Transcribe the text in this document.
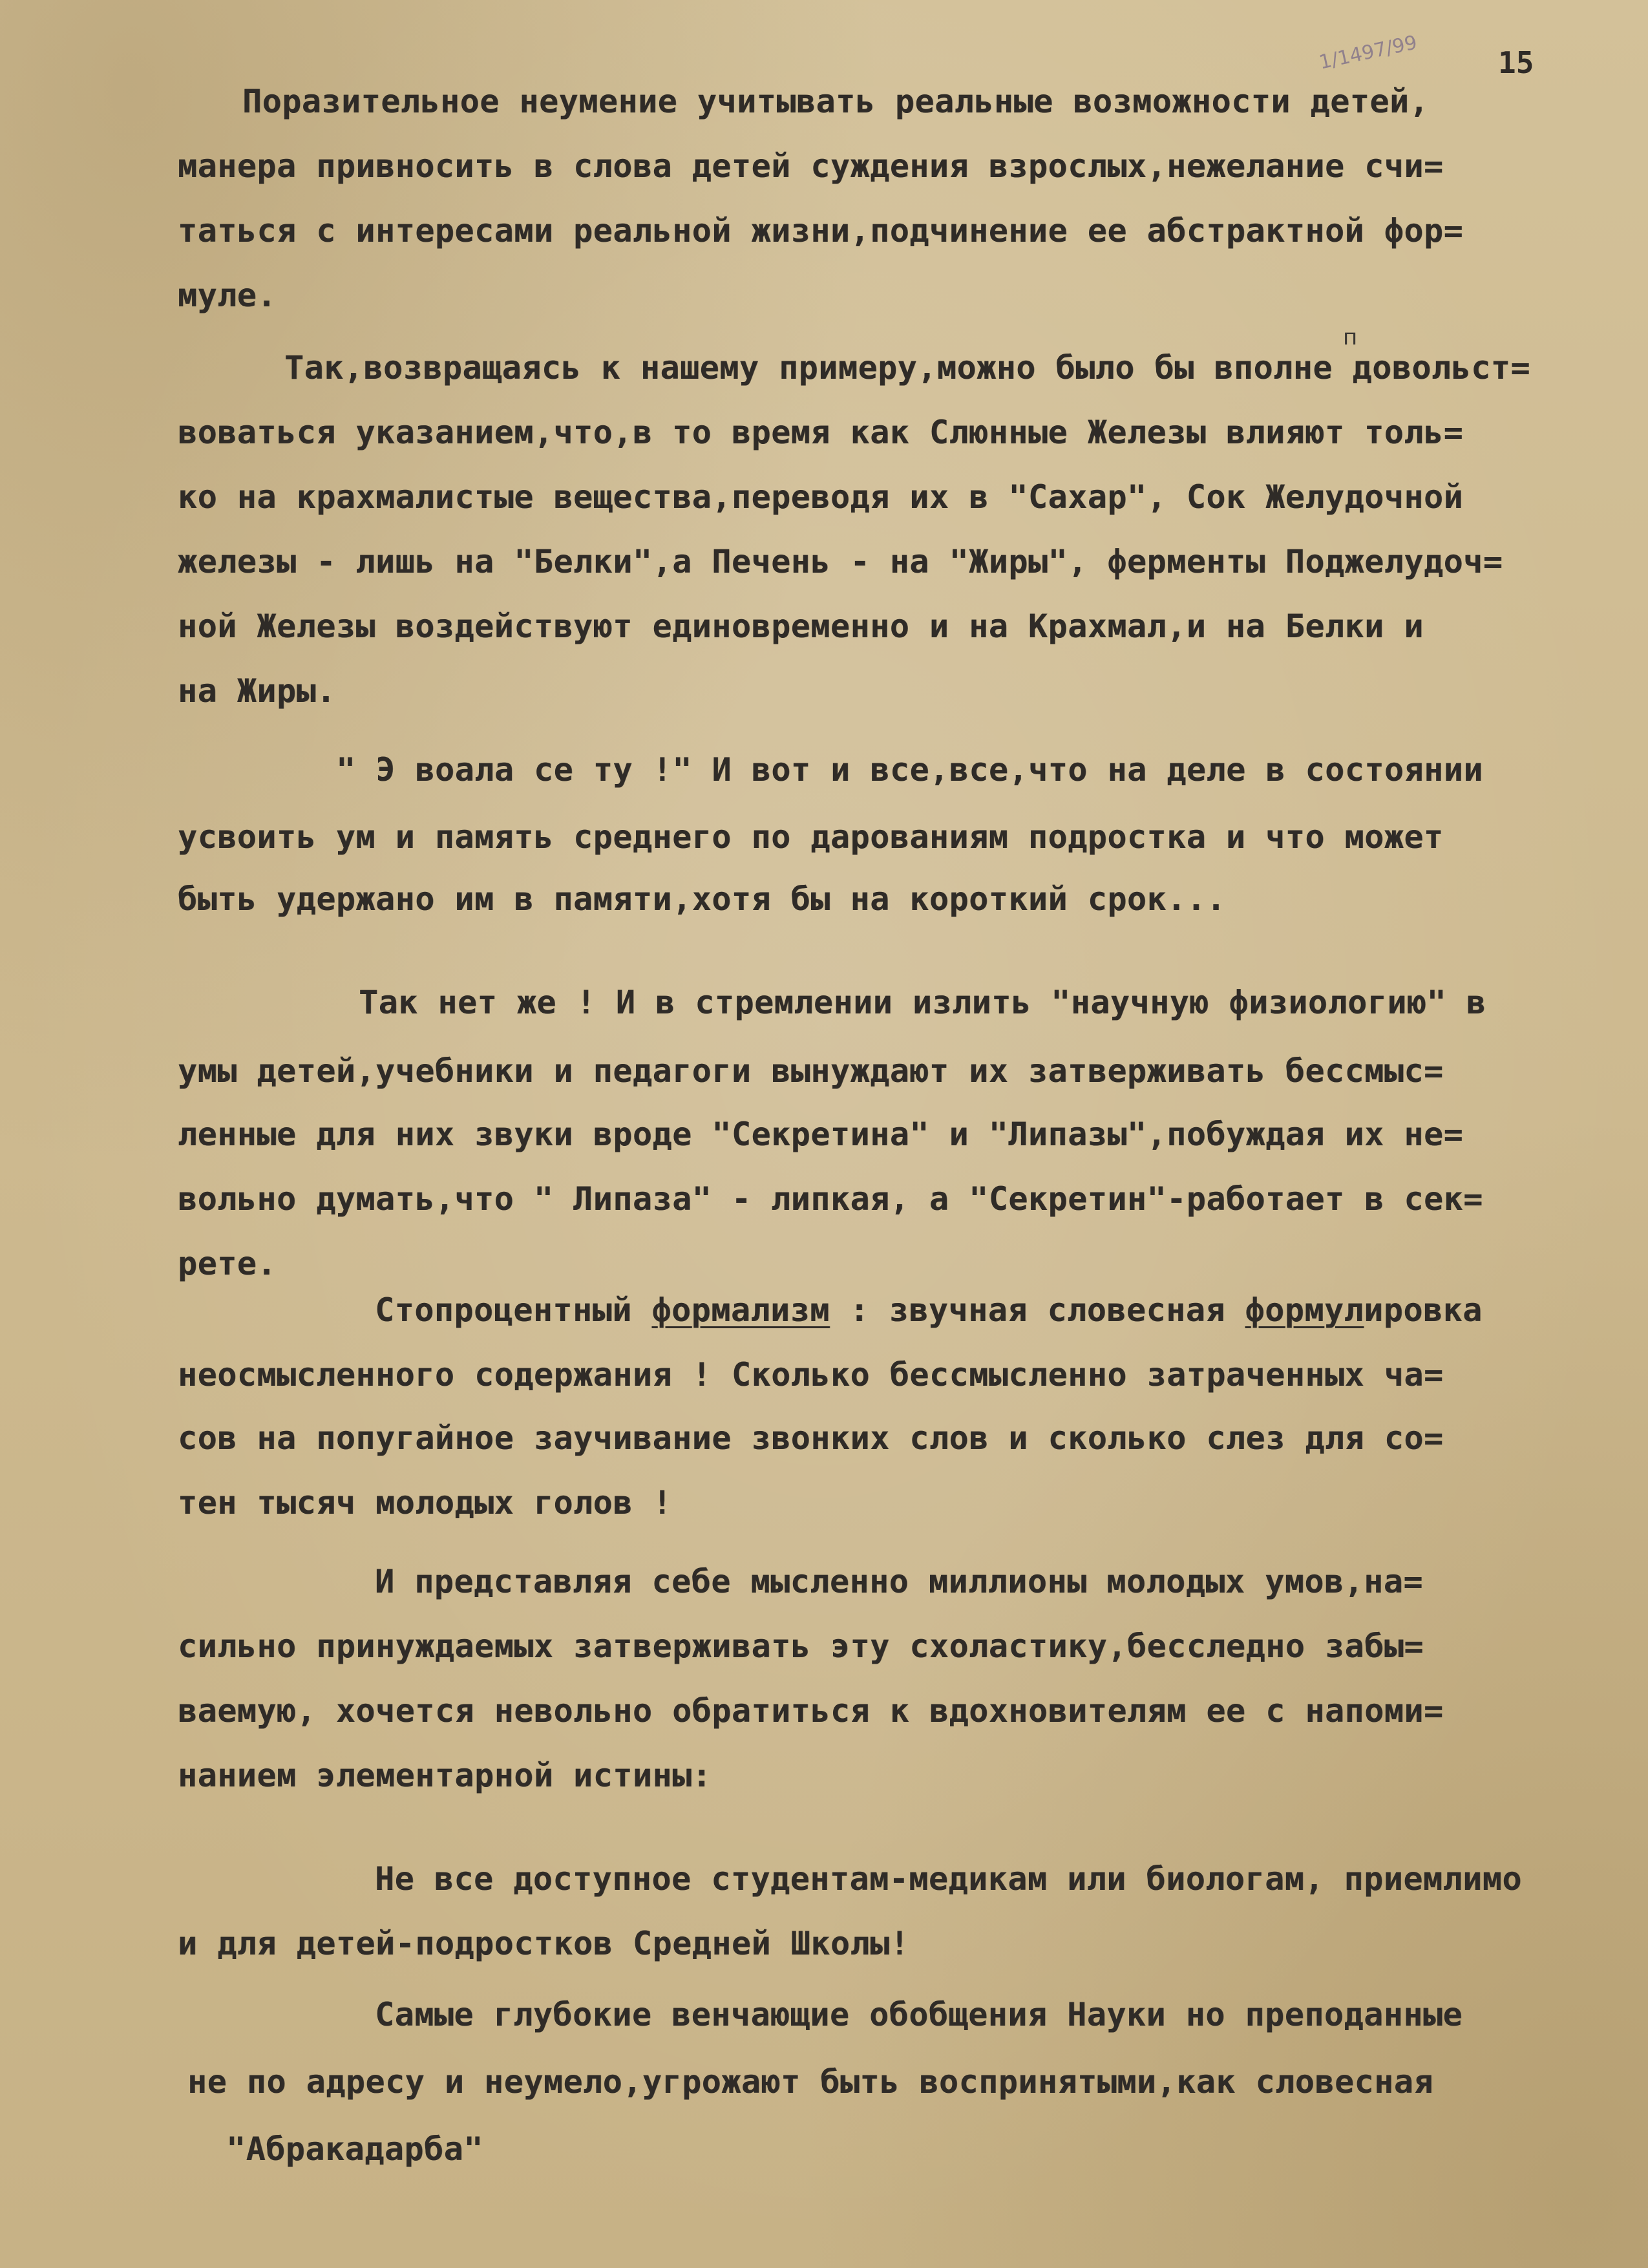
1/1497/99	15
п
Поразительное неумение учитывать реальные возможности детей,
манера привносить в слова детей суждения взрослых,нежелание счи=
таться с интересами реальной жизни,подчинение ее абстрактной фор=
муле.
Так,возвращаясь к нашему примеру,можно было бы вполне довольст=
воваться указанием,что,в то время как Слюнные Железы влияют толь=
ко на крахмалистые вещества,переводя их в "Сахар", Сок Желудочной
железы - лишь на "Белки",а Печень - на "Жиры", ферменты Поджелудоч=
ной Железы воздействуют единовременно и на Крахмал,и на Белки и
на Жиры.
" Э воала се ту !" И вот и все,все,что на деле в состоянии
усвоить ум и память среднего по дарованиям подростка и что может
быть удержано им в памяти,хотя бы на короткий срок...
Так нет же ! И в стремлении излить "научную физиологию" в
умы детей,учебники и педагоги вынуждают их затверживать бессмыс=
ленные для них звуки вроде "Секретина" и "Липазы",побуждая их не=
вольно думать,что " Липаза" - липкая, а "Секретин"-работает в сек=
рете.
Стопроцентный формализм : звучная словесная формулировка
неосмысленного содержания ! Сколько бессмысленно затраченных ча=
сов на попугайное заучивание звонких слов и сколько слез для со=
тен тысяч молодых голов !
И представляя себе мысленно миллионы молодых умов,на=
сильно принуждаемых затверживать эту схоластику,бесследно забы=
ваемую, хочется невольно обратиться к вдохновителям ее с напоми=
нанием элементарной истины:
Не все доступное студентам-медикам или биологам, приемлимо
и для детей-подростков Средней Школы!
Самые глубокие венчающие обобщения Науки но преподанные
не по адресу и неумело,угрожают быть воспринятыми,как словесная
"Абракадарба"
